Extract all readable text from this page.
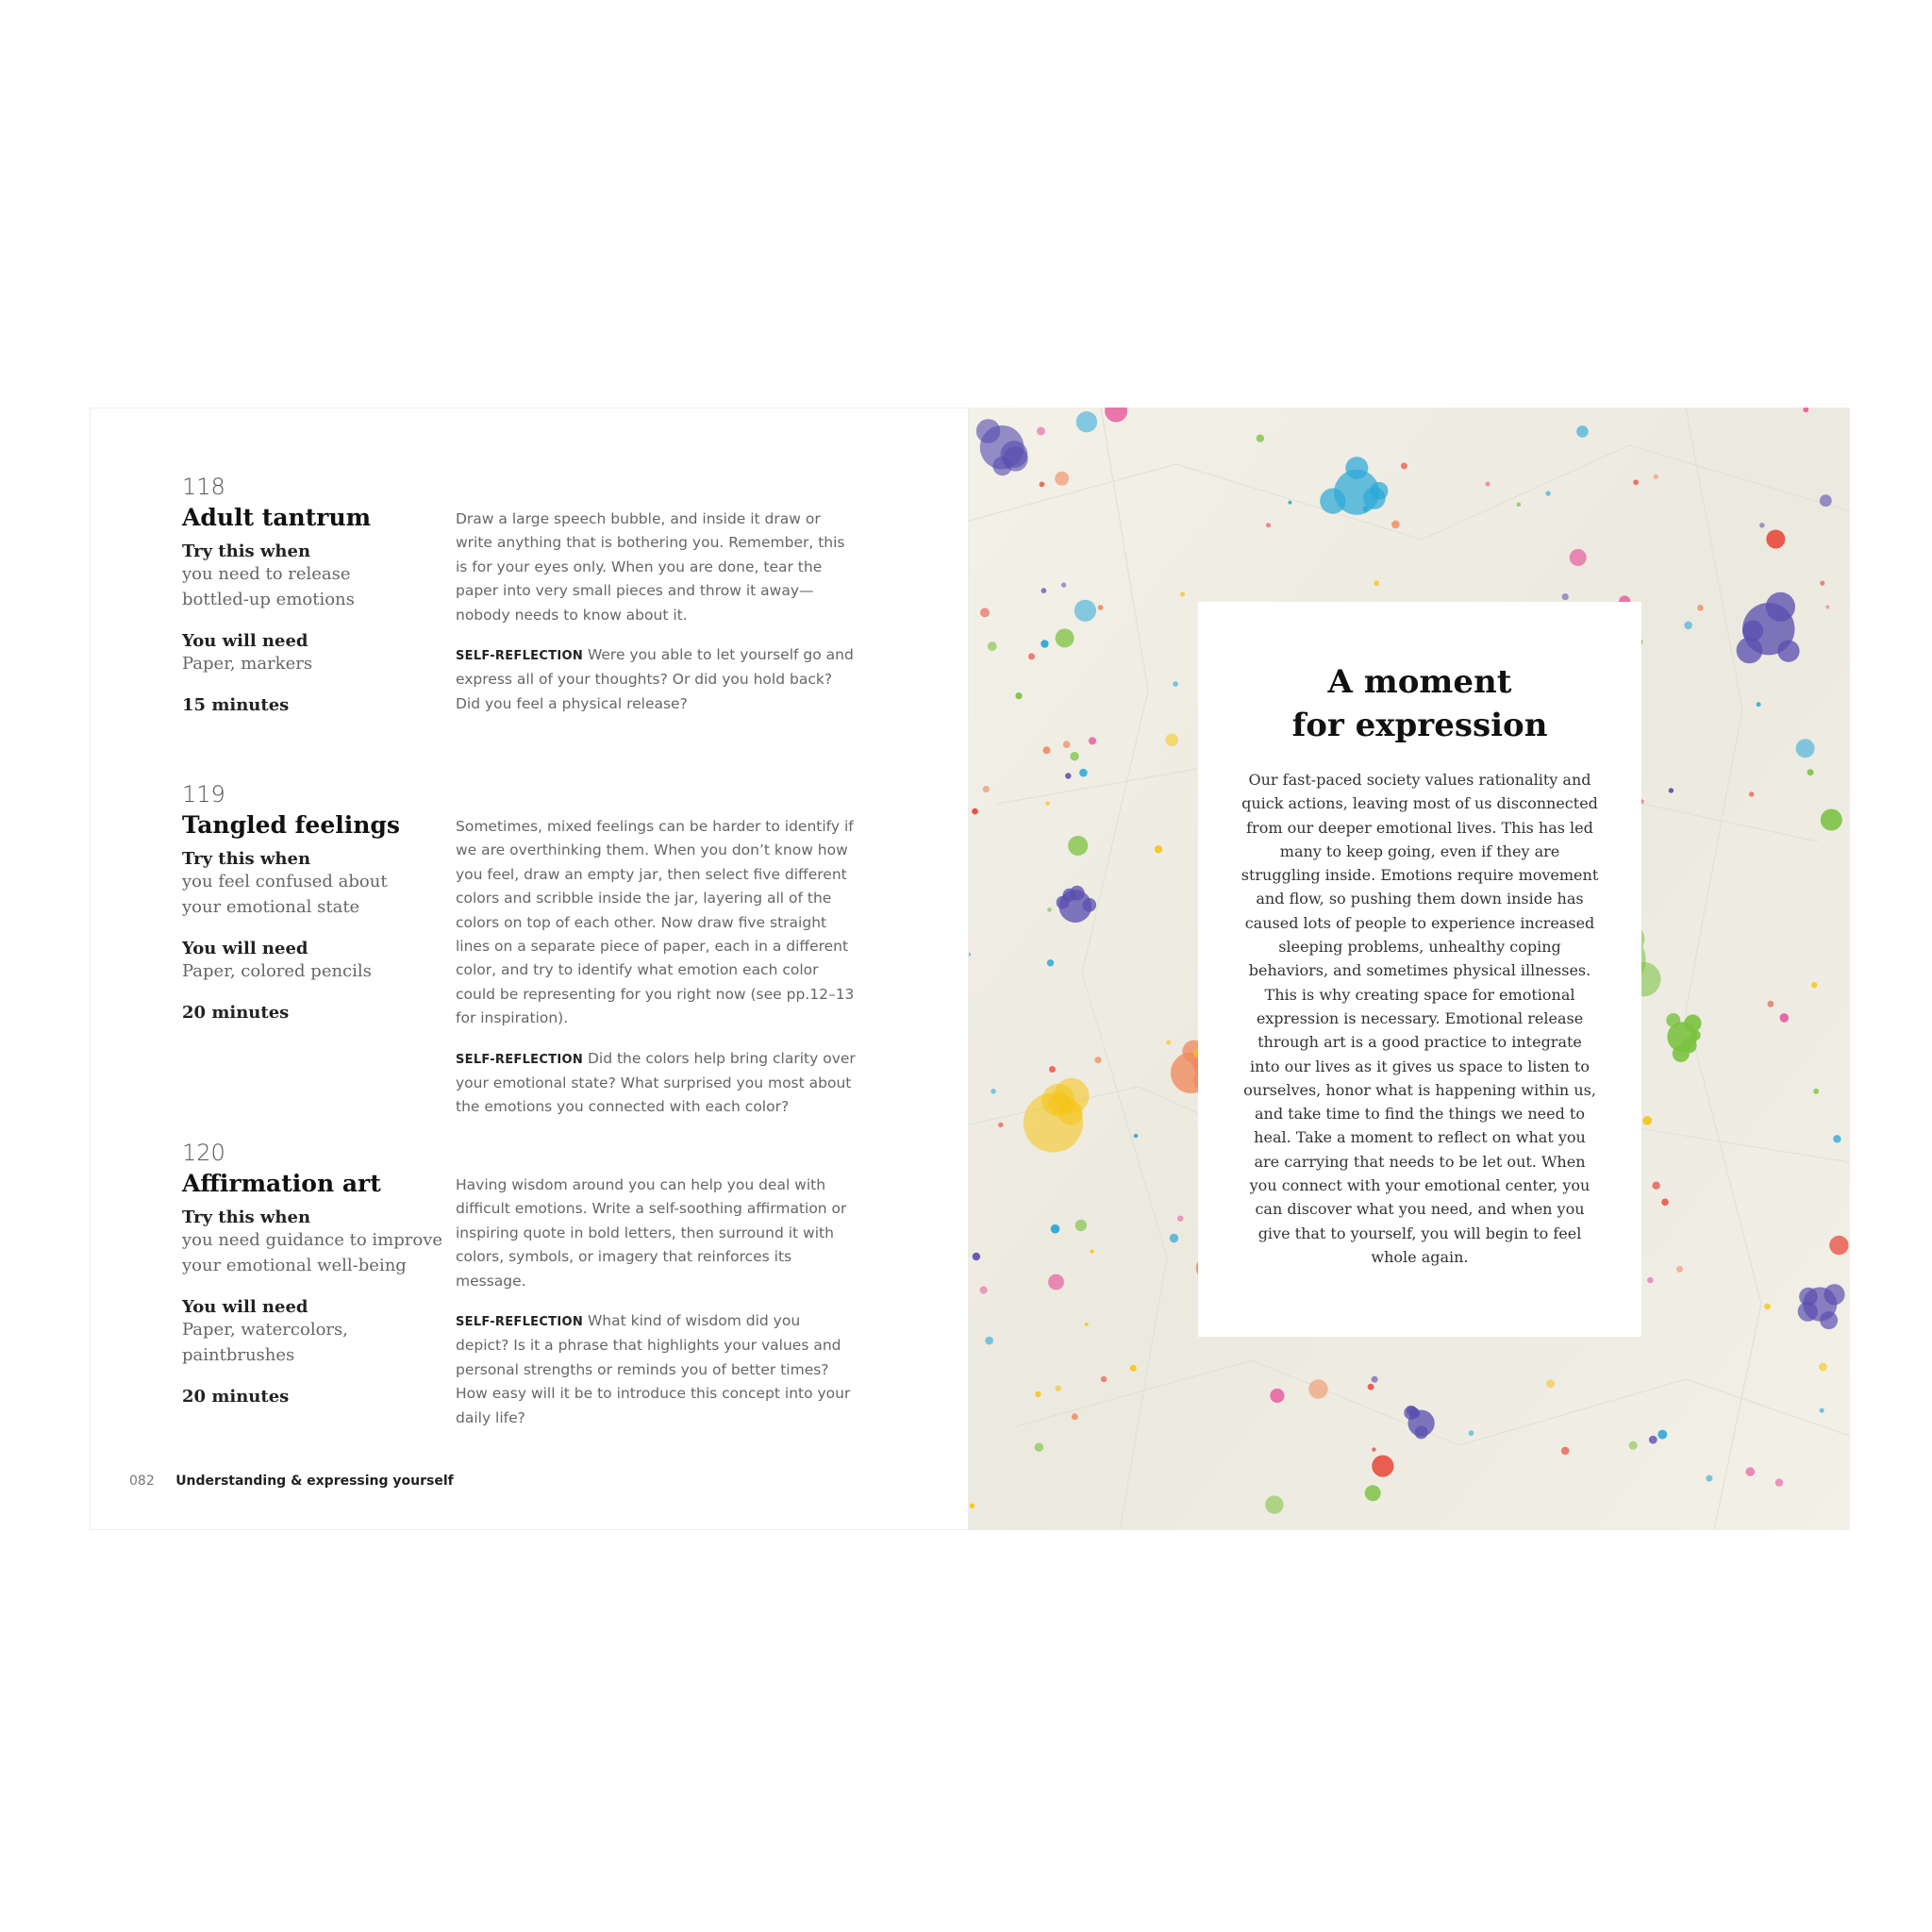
118
Adult tantrum
Try this when
you need to release
bottled-up emotions
You will need
Paper, markers
15 minutes

Draw a large speech bubble, and inside it draw or write anything that is bothering you. Remember, this is for your eyes only. When you are done, tear the paper into very small pieces and throw it away—nobody needs to know about it.

SELF-REFLECTION Were you able to let yourself go and express all of your thoughts? Or did you hold back? Did you feel a physical release?

119
Tangled feelings
Try this when
you feel confused about
your emotional state
You will need
Paper, colored pencils
20 minutes

Sometimes, mixed feelings can be harder to identify if we are overthinking them. When you don’t know how you feel, draw an empty jar, then select five different colors and scribble inside the jar, layering all of the colors on top of each other. Now draw five straight lines on a separate piece of paper, each in a different color, and try to identify what emotion each color could be representing for you right now (see pp.12–13 for inspiration).

SELF-REFLECTION Did the colors help bring clarity over your emotional state? What surprised you most about the emotions you connected with each color?

120
Affirmation art
Try this when
you need guidance to improve
your emotional well-being
You will need
Paper, watercolors,
paintbrushes
20 minutes

Having wisdom around you can help you deal with difficult emotions. Write a self-soothing affirmation or inspiring quote in bold letters, then surround it with colors, symbols, or imagery that reinforces its message.

SELF-REFLECTION What kind of wisdom did you depict? Is it a phrase that highlights your values and personal strengths or reminds you of better times? How easy will it be to introduce this concept into your daily life?

082 Understanding & expressing yourself
A moment
for expression
Our fast-paced society values rationality and quick actions, leaving most of us disconnected from our deeper emotional lives. This has led many to keep going, even if they are struggling inside. Emotions require movement and flow, so pushing them down inside has caused lots of people to experience increased sleeping problems, unhealthy coping behaviors, and sometimes physical illnesses. This is why creating space for emotional expression is necessary. Emotional release through art is a good practice to integrate into our lives as it gives us space to listen to ourselves, honor what is happening within us, and take time to find the things we need to heal. Take a moment to reflect on what you are carrying that needs to be let out. When you connect with your emotional center, you can discover what you need, and when you give that to yourself, you will begin to feel whole again.
